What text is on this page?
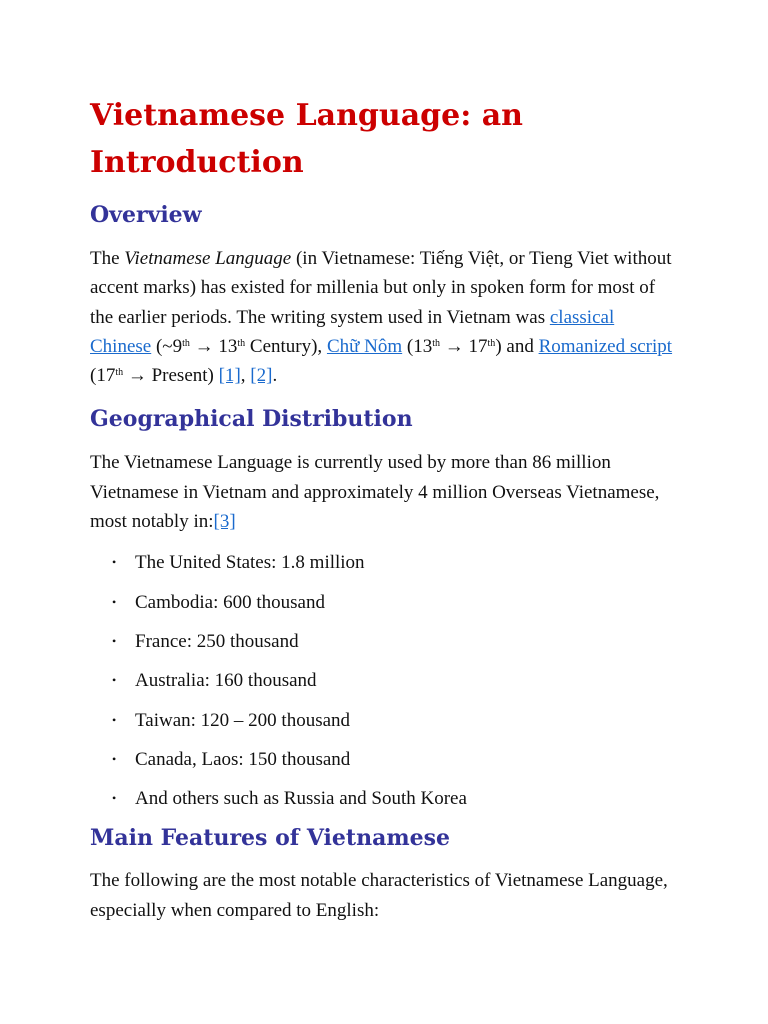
Vietnamese Language: an Introduction
Overview

The Vietnamese Language (in Vietnamese: Tiếng Việt, or Tieng Viet without accent marks) has existed for millenia but only in spoken form for most of the earlier periods. The writing system used in Vietnam was classical Chinese (~9th → 13th Century), Chữ Nôm (13th → 17th) and Romanized script (17th → Present) [1], [2].

Geographical Distribution

The Vietnamese Language is currently used by more than 86 million Vietnamese in Vietnam and approximately 4 million Overseas Vietnamese, most notably in:[3]

• The United States: 1.8 million
• Cambodia: 600 thousand
• France: 250 thousand
• Australia: 160 thousand
• Taiwan: 120 – 200 thousand
• Canada, Laos: 150 thousand
• And others such as Russia and South Korea
Main Features of Vietnamese

The following are the most notable characteristics of Vietnamese Language, especially when compared to English:
